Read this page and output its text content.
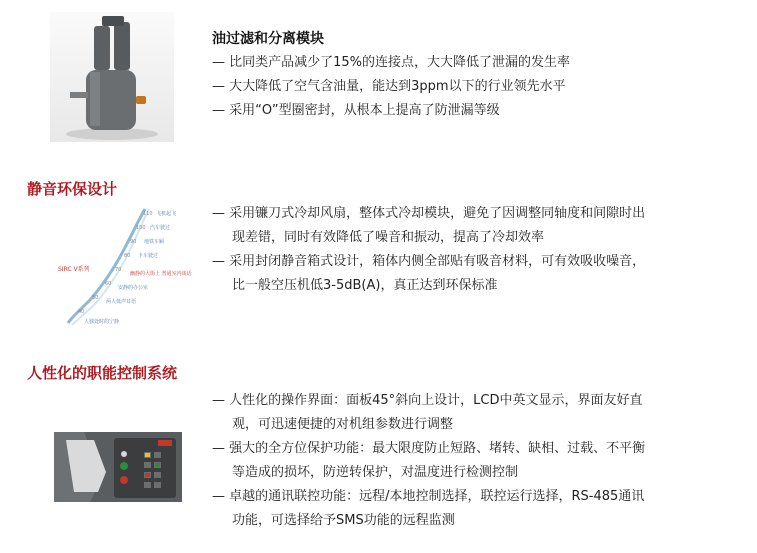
油过滤和分离模块
— 比同类产品减少了15%的连接点，大大降低了泄漏的发生率
— 大大降低了空气含油量，能达到3ppm以下的行业领先水平
— 采用“O”型圈密封，从根本上提高了防泄漏等级
静音环保设计
110
100
90
80
70
60
50
40
飞机起飞
汽车驶过
地铁车厢
卡车驶过
安静的办公室
两人低声耳语
人独处时的宁静
SIRC V系列
幽静的大街上 普通室内谈话
— 采用镰刀式冷却风扇，整体式冷却模块，避免了因调整同轴度和间隙时出
现差错，同时有效降低了噪音和振动，提高了冷却效率
— 采用封闭静音箱式设计，箱体内侧全部贴有吸音材料，可有效吸收噪音，
比一般空压机低3-5dB(A)，真正达到环保标准
人性化的职能控制系统
— 人性化的操作界面：面板45°斜向上设计，LCD中英文显示，界面友好直
观，可迅速便捷的对机组参数进行调整
— 强大的全方位保护功能：最大限度防止短路、堵转、缺相、过载、不平衡
等造成的损坏，防逆转保护，对温度进行检测控制
— 卓越的通讯联控功能：远程/本地控制选择，联控运行选择，RS-485通讯
功能，可选择给予SMS功能的远程监测
